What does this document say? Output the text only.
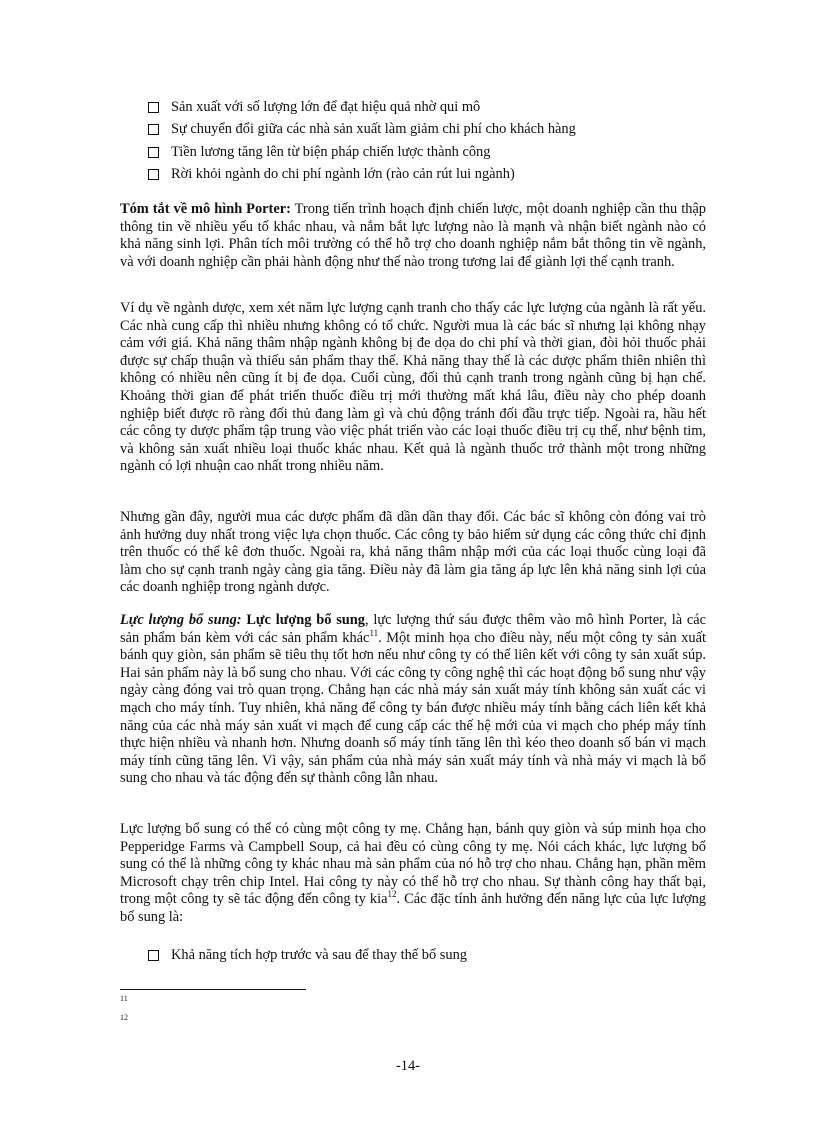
Sản xuất với số lượng lớn để đạt hiệu quả nhờ qui mô
Sự chuyển đổi giữa các nhà sản xuất làm giảm chi phí cho khách hàng
Tiền lương tăng lên từ biện pháp chiến lược thành công
Rời khỏi ngành do chi phí ngành lớn (rào cản rút lui ngành)

Tóm tắt về mô hình Porter: Trong tiến trình hoạch định chiến lược, một doanh nghiệp cần thu thập thông tin về nhiều yếu tố khác nhau, và nắm bắt lực lượng nào là mạnh và nhận biết ngành nào có khả năng sinh lợi. Phân tích môi trường có thể hỗ trợ cho doanh nghiệp nắm bắt thông tin về ngành, và với doanh nghiệp cần phải hành động như thế nào trong tương lai để giành lợi thế cạnh tranh.

Ví dụ về ngành dược, xem xét năm lực lượng cạnh tranh cho thấy các lực lượng của ngành là rất yếu. Các nhà cung cấp thì nhiều nhưng không có tổ chức. Người mua là các bác sĩ nhưng lại không nhạy cảm với giá. Khả năng thâm nhập ngành không bị đe dọa do chi phí và thời gian, đòi hỏi thuốc phải được sự chấp thuận và thiếu sản phẩm thay thế. Khả năng thay thế là các dược phẩm thiên nhiên thì không có nhiều nên cũng ít bị đe dọa. Cuối cùng, đối thủ cạnh tranh trong ngành cũng bị hạn chế. Khoảng thời gian để phát triển thuốc điều trị mới thường mất khá lâu, điều này cho phép doanh nghiệp biết được rõ ràng đối thủ đang làm gì và chủ động tránh đối đầu trực tiếp. Ngoài ra, hầu hết các công ty dược phẩm tập trung vào việc phát triển vào các loại thuốc điều trị cụ thể, như bệnh tim, và không sản xuất nhiều loại thuốc khác nhau. Kết quả là ngành thuốc trở thành một trong những ngành có lợi nhuận cao nhất trong nhiều năm.

Nhưng gần đây, người mua các dược phẩm đã dần dần thay đổi. Các bác sĩ không còn đóng vai trò ảnh hưởng duy nhất trong việc lựa chọn thuốc. Các công ty bảo hiểm sử dụng các công thức chỉ định trên thuốc có thể kê đơn thuốc. Ngoài ra, khả năng thâm nhập mới của các loại thuốc cùng loại đã làm cho sự cạnh tranh ngày càng gia tăng. Điều này đã làm gia tăng áp lực lên khả năng sinh lợi của các doanh nghiệp trong ngành dược.

Lực lượng bổ sung: Lực lượng bổ sung, lực lượng thứ sáu được thêm vào mô hình Porter, là các sản phẩm bán kèm với các sản phẩm khác$^{11}$. Một minh họa cho điều này, nếu một công ty sản xuất bánh quy giòn, sản phẩm sẽ tiêu thụ tốt hơn nếu như công ty có thể liên kết với công ty sản xuất súp. Hai sản phẩm này là bổ sung cho nhau. Với các công ty công nghệ thì các hoạt động bổ sung như vậy ngày càng đóng vai trò quan trọng. Chẳng hạn các nhà máy sản xuất máy tính không sản xuất các vi mạch cho máy tính. Tuy nhiên, khả năng để công ty bán được nhiều máy tính bằng cách liên kết khả năng của các nhà máy sản xuất vi mạch để cung cấp các thế hệ mới của vi mạch cho phép máy tính thực hiện nhiều và nhanh hơn. Nhưng doanh số máy tính tăng lên thì kéo theo doanh số bán vi mạch máy tính cũng tăng lên. Vì vậy, sản phẩm của nhà máy sản xuất máy tính và nhà máy vi mạch là bổ sung cho nhau và tác động đến sự thành công lẫn nhau.

Lực lượng bổ sung có thể có cùng một công ty mẹ. Chẳng hạn, bánh quy giòn và súp minh họa cho Pepperidge Farms và Campbell Soup, cả hai đều có cùng công ty mẹ. Nói cách khác, lực lượng bổ sung có thể là những công ty khác nhau mà sản phẩm của nó hỗ trợ cho nhau. Chẳng hạn, phần mềm Microsoft chạy trên chip Intel. Hai công ty này có thể hỗ trợ cho nhau. Sự thành công hay thất bại, trong một công ty sẽ tác động đến công ty kia$^{12}$. Các đặc tính ảnh hưởng đến năng lực của lực lượng bổ sung là:

Khả năng tích hợp trước và sau để thay thế bổ sung
11
12
-14-
